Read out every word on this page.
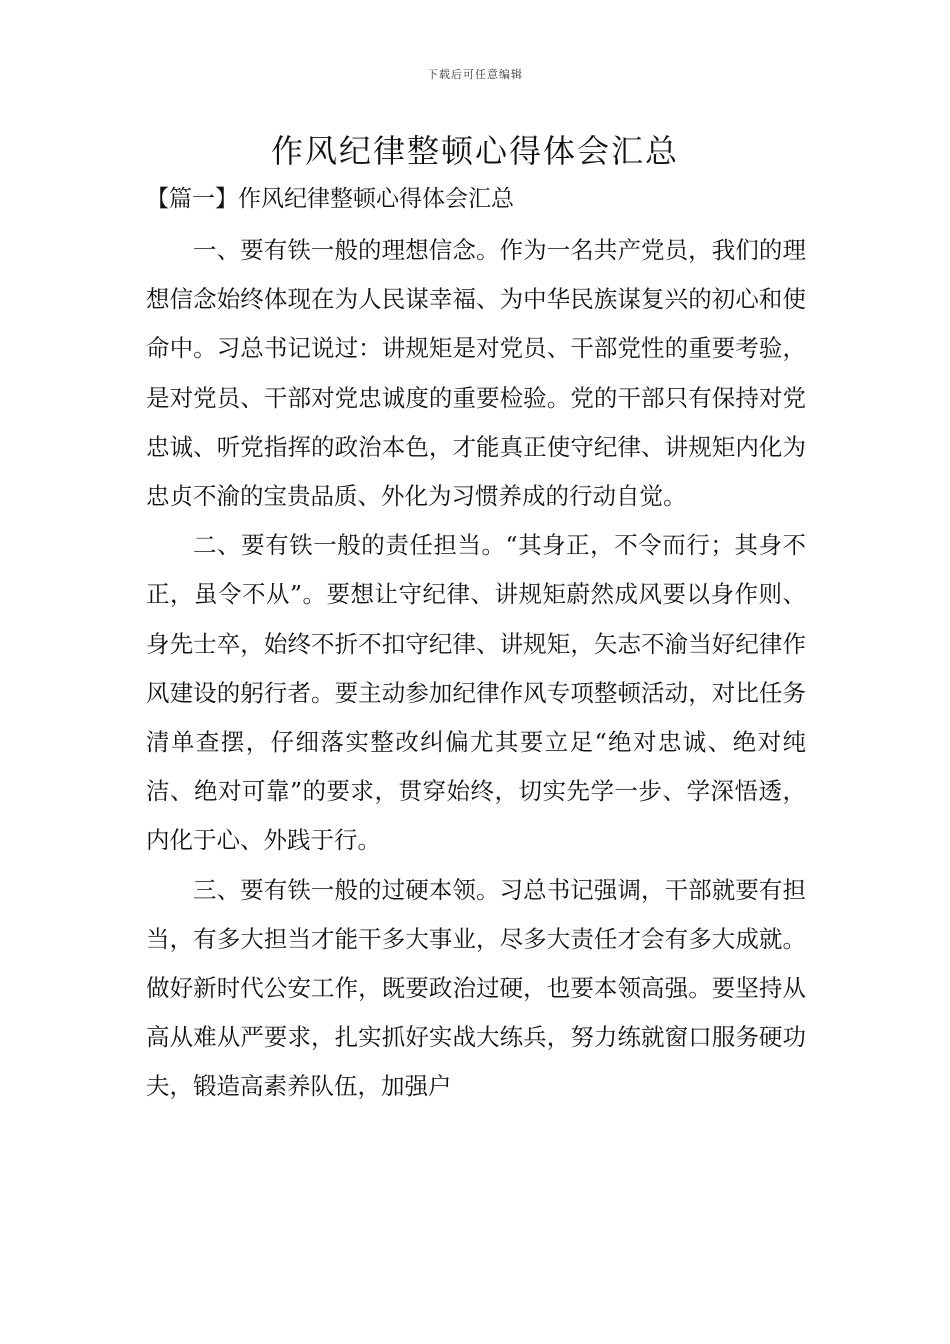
下载后可任意编辑
作风纪律整顿心得体会汇总
【篇一】作风纪律整顿心得体会汇总

一、要有铁一般的理想信念。作为一名共产党员，我们的理想信念始终体现在为人民谋幸福、为中华民族谋复兴的初心和使命中。习总书记说过：讲规矩是对党员、干部党性的重要考验，是对党员、干部对党忠诚度的重要检验。党的干部只有保持对党忠诚、听党指挥的政治本色，才能真正使守纪律、讲规矩内化为忠贞不渝的宝贵品质、外化为习惯养成的行动自觉。

二、要有铁一般的责任担当。“其身正，不令而行；其身不正，虽令不从”。要想让守纪律、讲规矩蔚然成风要以身作则、身先士卒，始终不折不扣守纪律、讲规矩，矢志不渝当好纪律作风建设的躬行者。要主动参加纪律作风专项整顿活动，对比任务清单查摆，仔细落实整改纠偏尤其要立足“绝对忠诚、绝对纯洁、绝对可靠”的要求，贯穿始终，切实先学一步、学深悟透，内化于心、外践于行。

三、要有铁一般的过硬本领。习总书记强调，干部就要有担当，有多大担当才能干多大事业，尽多大责任才会有多大成就。做好新时代公安工作，既要政治过硬，也要本领高强。要坚持从高从难从严要求，扎实抓好实战大练兵，努力练就窗口服务硬功夫，锻造高素养队伍，加强户
